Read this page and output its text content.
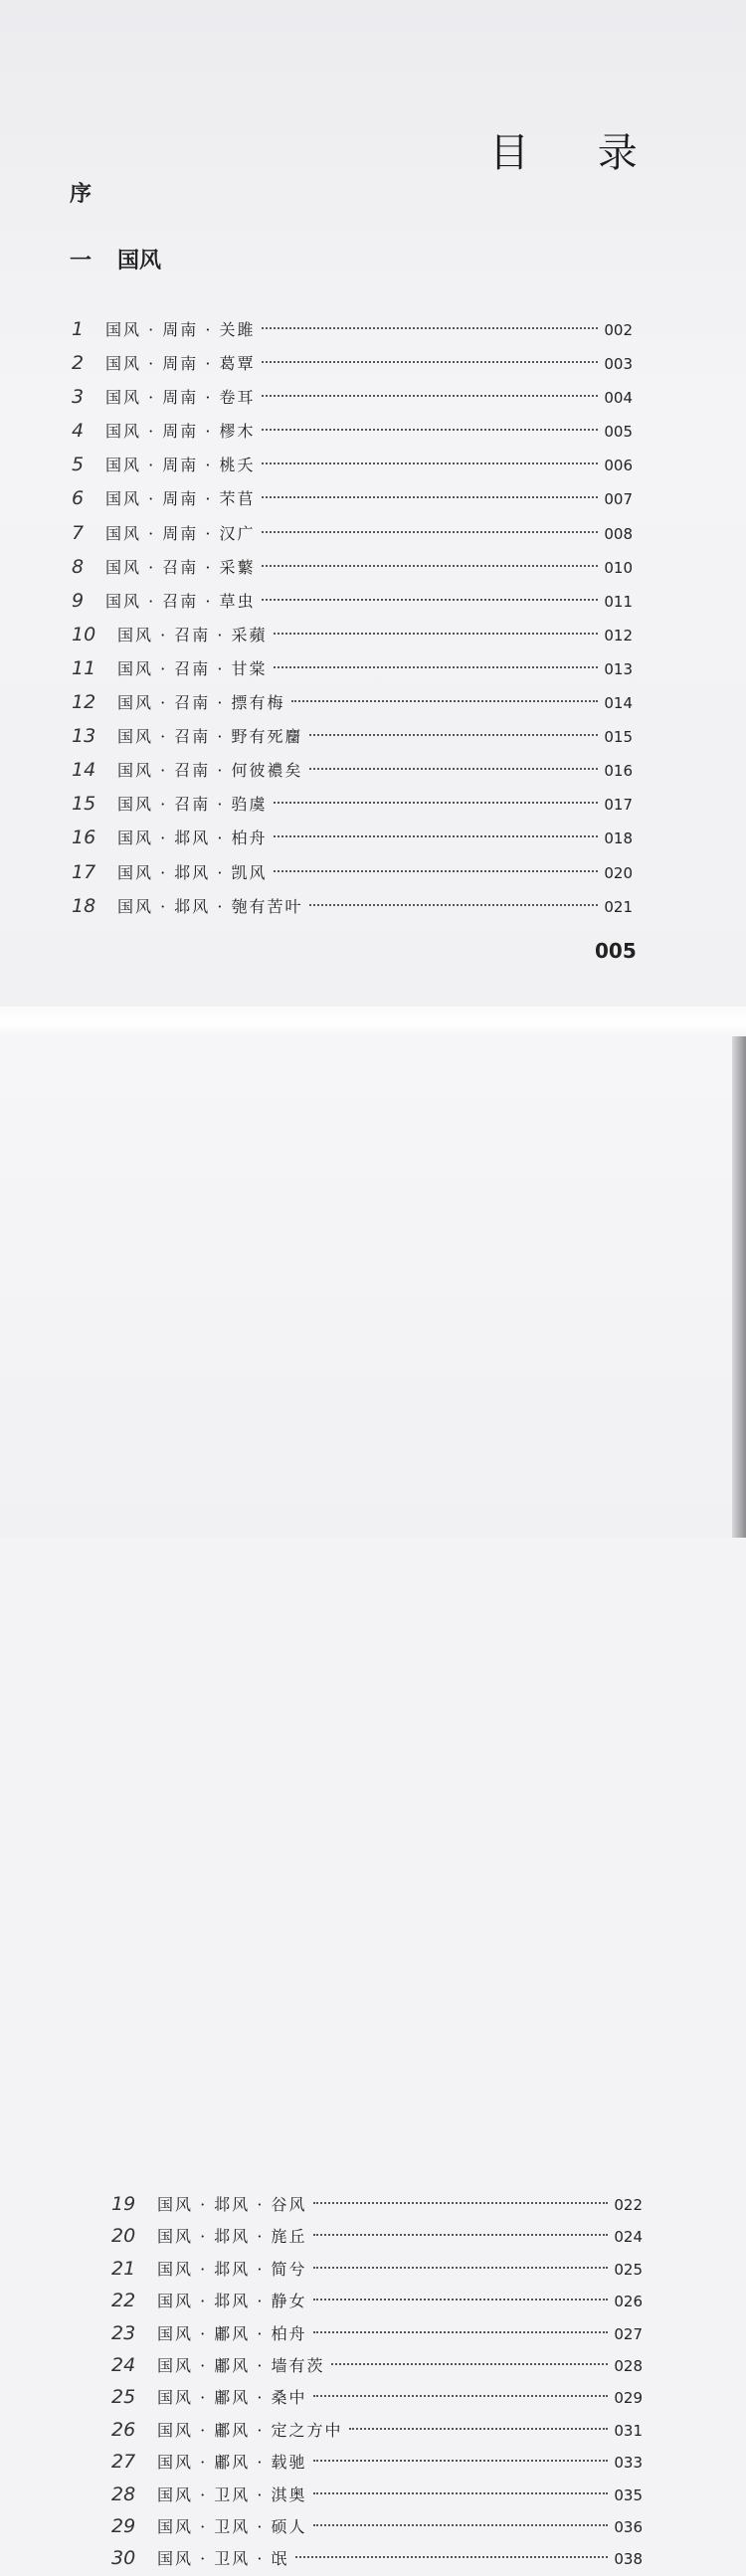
目 录
序
一 国风
1	国风 · 周南 · 关雎	002
2	国风 · 周南 · 葛覃	003
3	国风 · 周南 · 卷耳	004
4	国风 · 周南 · 樛木	005
5	国风 · 周南 · 桃夭	006
6	国风 · 周南 · 芣苢	007
7	国风 · 周南 · 汉广	008
8	国风 · 召南 · 采蘩	010
9	国风 · 召南 · 草虫	011
10	国风 · 召南 · 采蘋	012
11	国风 · 召南 · 甘棠	013
12	国风 · 召南 · 摽有梅	014
13	国风 · 召南 · 野有死麕	015
14	国风 · 召南 · 何彼襛矣	016
15	国风 · 召南 · 驺虞	017
16	国风 · 邶风 · 柏舟	018
17	国风 · 邶风 · 凯风	020
18	国风 · 邶风 · 匏有苦叶	021
005
19	国风 · 邶风 · 谷风	022
20	国风 · 邶风 · 旄丘	024
21	国风 · 邶风 · 简兮	025
22	国风 · 邶风 · 静女	026
23	国风 · 鄘风 · 柏舟	027
24	国风 · 鄘风 · 墙有茨	028
25	国风 · 鄘风 · 桑中	029
26	国风 · 鄘风 · 定之方中	031
27	国风 · 鄘风 · 载驰	033
28	国风 · 卫风 · 淇奥	035
29	国风 · 卫风 · 硕人	036
30	国风 · 卫风 · 氓	038
